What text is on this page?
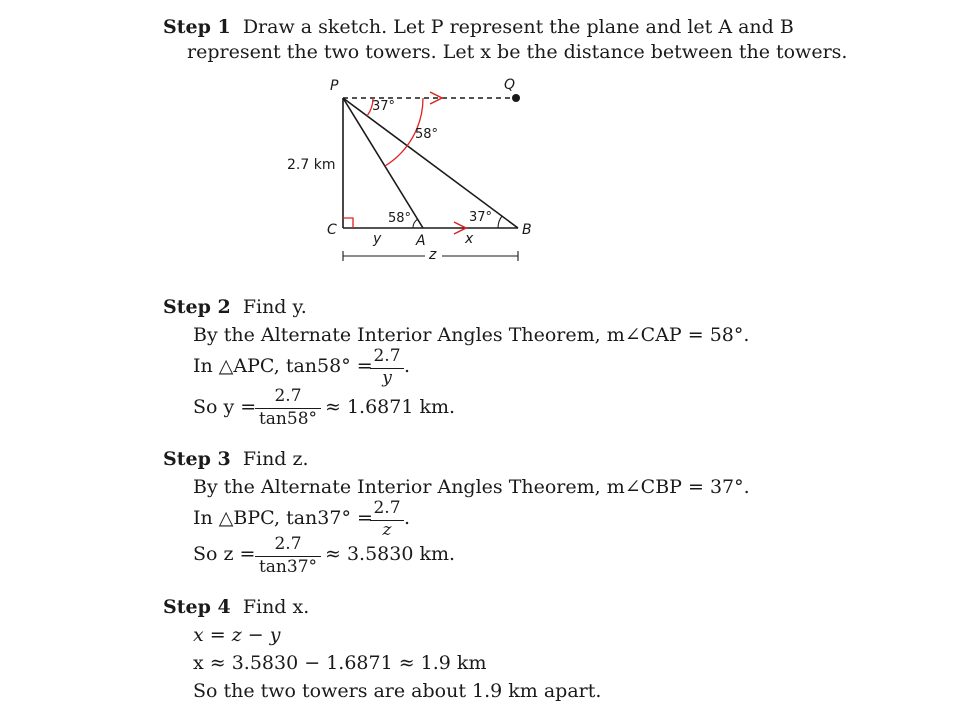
Step 1 Draw a sketch. Let P represent the plane and let A and B
represent the two towers. Let x be the distance between the towers.
P	Q
C
A
B
37°
58°
58°	37°
2.7 km
y	x
z
Step 2 Find y.
By the Alternate Interior Angles Theorem, m∠CAP = 58°.
In △APC, tan58° = 2.7
y
.
So y =	2.7
tan58°
≈ 1.6871 km.
Step 3 Find z.
By the Alternate Interior Angles Theorem, m∠CBP = 37°.
In △BPC, tan37° = 2.7
z
.
So z =	2.7
tan37°
≈ 3.5830 km.
Step 4 Find x.
x = z − y
x ≈ 3.5830 − 1.6871 ≈ 1.9 km
So the two towers are about 1.9 km apart.
